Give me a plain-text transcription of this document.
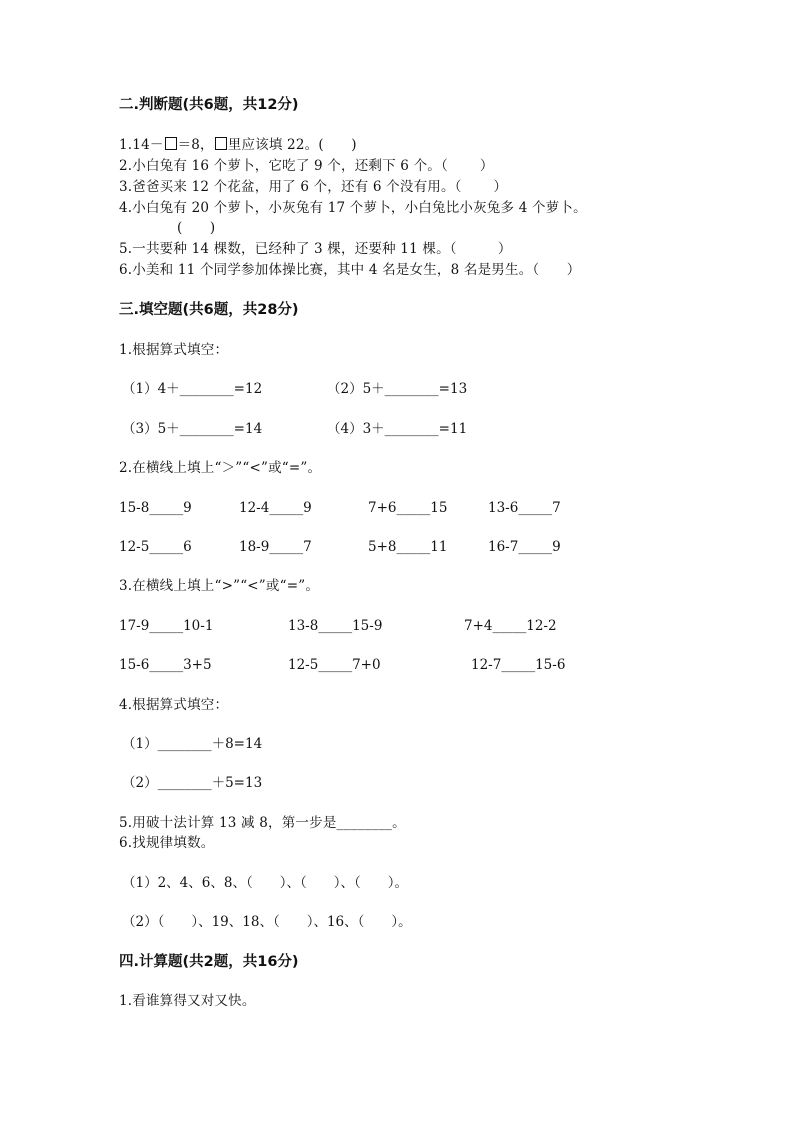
二.判断题(共6题，共12分)
1.14－ ＝8， 里应该填 22。(　　)
2.小白兔有 16 个萝卜，它吃了 9 个，还剩下 6 个。（　　 ）
3.爸爸买来 12 个花盆，用了 6 个，还有 6 个没有用。（　　 ）
4.小白兔有 20 个萝卜，小灰兔有 17 个萝卜，小白兔比小灰兔多 4 个萝卜。
(　　)
5.一共要种 14 棵数，已经种了 3 棵，还要种 11 棵。（　　　）
6.小美和 11 个同学参加体操比赛，其中 4 名是女生，8 名是男生。（　　）
三.填空题(共6题，共28分)
1.根据算式填空：
（1）4＋________=12	（2）5＋________=13
（3）5＋________=14	（4）3＋________=11
2.在横线上填上“＞”“<”或“=”。
15-8_____9	12-4_____9	7+6_____15	13-6_____7
12-5_____6	18-9_____7	5+8_____11	16-7_____9
3.在横线上填上“>”“<”或“=”。
17-9_____10-1	13-8_____15-9	7+4_____12-2
15-6_____3+5	12-5_____7+0	12-7_____15-6
4.根据算式填空：
（1）________＋8=14
（2）________＋5=13
5.用破十法计算 13 减 8，第一步是________。
6.找规律填数。
（1）2、4、6、8、（　　）、（　　）、（　　）。
（2）（　　）、19、18、（　　）、16、（　　）。
四.计算题(共2题，共16分)
1.看谁算得又对又快。
